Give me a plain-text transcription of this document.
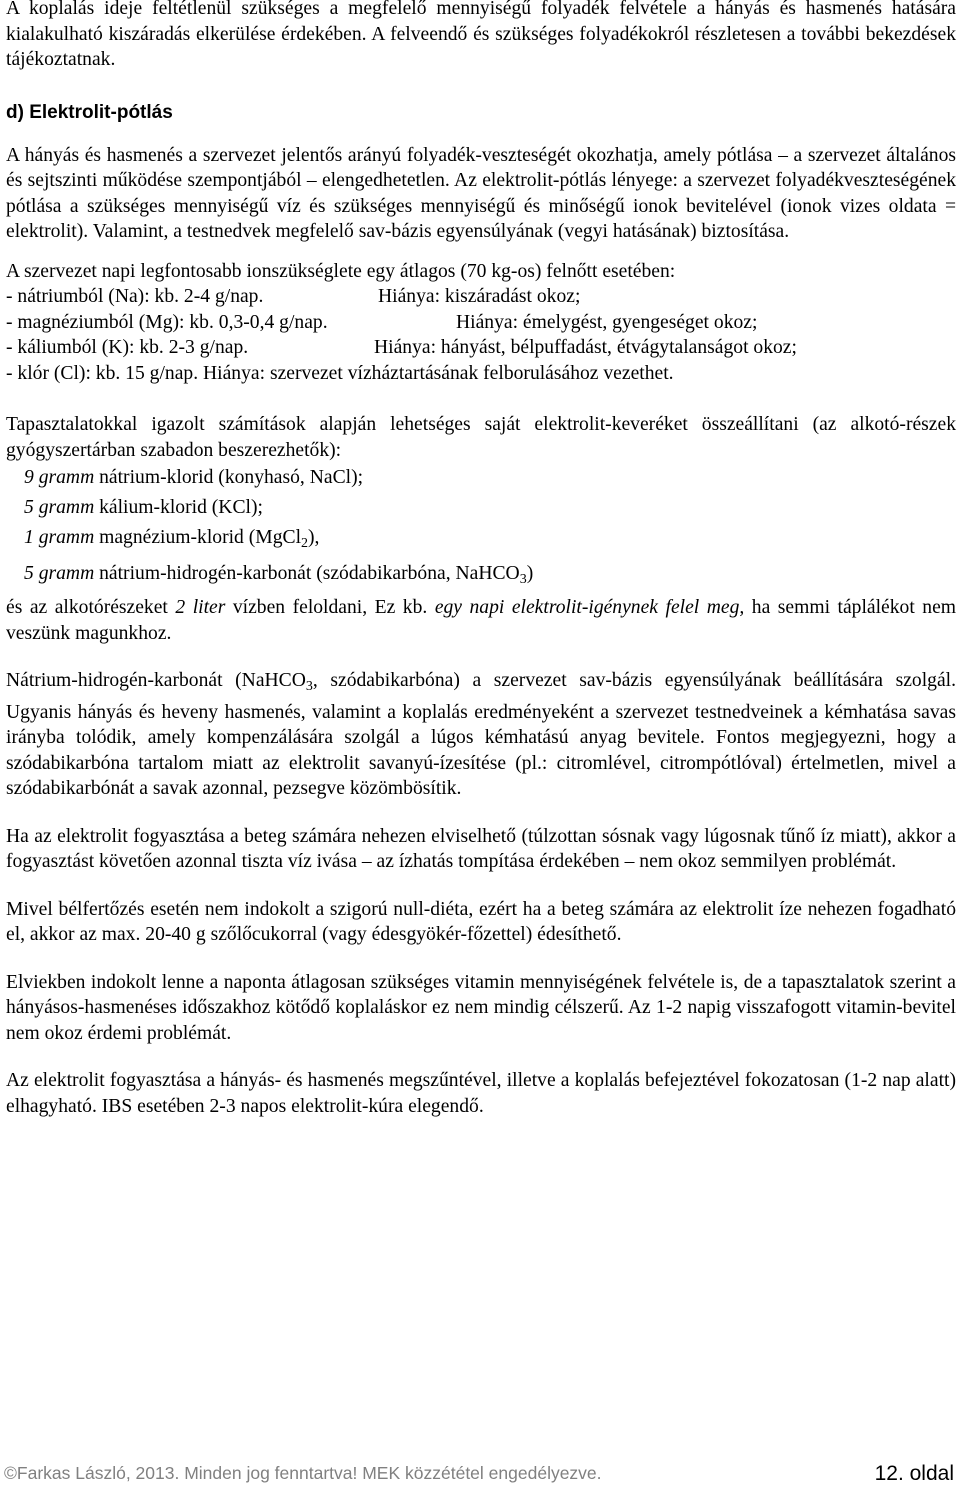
A koplalás ideje feltétlenül szükséges a megfelelő mennyiségű folyadék felvétele a hányás és hasmenés hatására kialakulható kiszáradás elkerülése érdekében. A felveendő és szükséges folyadékokról részletesen a további bekezdések tájékoztatnak.

d) Elektrolit-pótlás

A hányás és hasmenés a szervezet jelentős arányú folyadék-veszteségét okozhatja, amely pótlása – a szervezet általános és sejtszinti működése szempontjából – elengedhetetlen. Az elektrolit-pótlás lényege: a szervezet folyadékveszteségének pótlása a szükséges mennyiségű víz és szükséges mennyiségű és minőségű ionok bevitelével (ionok vizes oldata = elektrolit). Valamint, a testnedvek megfelelő sav-bázis egyensúlyának (vegyi hatásának) biztosítása.

A szervezet napi legfontosabb ionszükséglete egy átlagos (70 kg-os) felnőtt esetében:

- nátriumból (Na): kb. 2-4 g/nap.	Hiánya: kiszáradást okoz;
- magnéziumból (Mg): kb. 0,3-0,4 g/nap.	Hiánya: émelygést, gyengeséget okoz;
- káliumból (K): kb. 2-3 g/nap.	Hiánya: hányást, bélpuffadást, étvágytalanságot okoz;
- klór (Cl): kb. 15 g/nap. Hiánya: szervezet vízháztartásának felborulásához vezethet.

Tapasztalatokkal igazolt számítások alapján lehetséges saját elektrolit-keveréket összeállítani (az alkotó-részek gyógyszertárban szabadon beszerezhetők):

9 gramm nátrium-klorid (konyhasó, NaCl);
5 gramm kálium-klorid (KCl);
1 gramm magnézium-klorid (MgCl$_2$),
5 gramm nátrium-hidrogén-karbonát (szódabikarbóna, NaHCO$_3$)

és az alkotórészeket 2 liter vízben feloldani, Ez kb. egy napi elektrolit-igénynek felel meg, ha semmi táplálékot nem veszünk magunkhoz.

Nátrium-hidrogén-karbonát (NaHCO$_3$, szódabikarbóna) a szervezet sav-bázis egyensúlyának beállítására szolgál. Ugyanis hányás és heveny hasmenés, valamint a koplalás eredményeként a szervezet testnedveinek a kémhatása savas irányba tolódik, amely kompenzálására szolgál a lúgos kémhatású anyag bevitele. Fontos megjegyezni, hogy a szódabikarbóna tartalom miatt az elektrolit savanyú-ízesítése (pl.: citromlével, citrompótlóval) értelmetlen, mivel a szódabikarbónát a savak azonnal, pezsegve közömbösítik.

Ha az elektrolit fogyasztása a beteg számára nehezen elviselhető (túlzottan sósnak vagy lúgosnak tűnő íz miatt), akkor a fogyasztást követően azonnal tiszta víz ivása – az ízhatás tompítása érdekében – nem okoz semmilyen problémát.

Mivel bélfertőzés esetén nem indokolt a szigorú null-diéta, ezért ha a beteg számára az elektrolit íze nehezen fogadható el, akkor az max. 20-40 g szőlőcukorral (vagy édesgyökér-főzettel) édesíthető.

Elviekben indokolt lenne a naponta átlagosan szükséges vitamin mennyiségének felvétele is, de a tapasztalatok szerint a hányásos-hasmenéses időszakhoz kötődő koplaláskor ez nem mindig célszerű. Az 1-2 napig visszafogott vitamin-bevitel nem okoz érdemi problémát.

Az elektrolit fogyasztása a hányás- és hasmenés megszűntével, illetve a koplalás befejeztével fokozatosan (1-2 nap alatt) elhagyható. IBS esetében 2-3 napos elektrolit-kúra elegendő.

©Farkas László, 2013. Minden jog fenntartva! MEK közzététel engedélyezve.	12. oldal
